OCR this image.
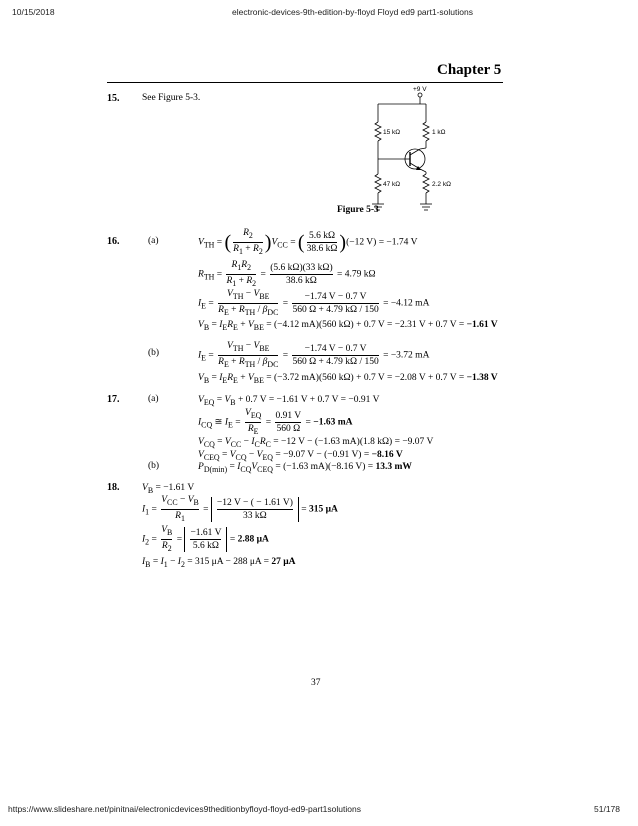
10/15/2018	electronic-devices-9th-edition-by-floyd Floyd ed9 part1-solutions
Chapter 5
15. See Figure 5-3.
+9 V
15 kΩ	1 kΩ
47 kΩ	2.2 kΩ
Figure 5-3
16.	(a)	$V_{TH}$ = ( $\frac{R_2}{R_1 + R_2} )V_{CC}$ = ( $\frac{5.6 k\Omega}{38.6 k\Omega} )(-12$ V) = −1.74 V
$R_{TH} = \frac{R_1R_2}{R_1 + R_2} = \frac{(5.6 k\Omega)(33 k\Omega)}{38.6 k\Omega} = 4.79$ kΩ
$I_E = \frac{V_{TH} - V_{BE}}{R_E + R_{TH} / \beta_{DC}} = \frac{-1.74 V - 0.7 V}{560 \Omega + 4.79 k\Omega / 150} = -4.12$ mA
$V_B = I_ER_E + V_{BE} = (-4.12$ mA)(560 kΩ) + 0.7 V = −2.31 V + 0.7 V = −1.61 V
(b)	$I_E = \frac{V_{TH} - V_{BE}}{R_E + R_{TH} / \beta_{DC}} = \frac{-1.74 V - 0.7 V}{560 \Omega + 4.79 k\Omega / 150} = -3.72$ mA
$V_B = I_ER_E + V_{BE} = (-3.72$ mA)(560 kΩ) + 0.7 V = −2.08 V + 0.7 V = −1.38 V
17.	(a)	$V_{EQ} = V_B + 0.7$ V = −1.61 V + 0.7 V = −0.91 V
$I_{CQ}$ ≅ $I_E = \frac{V_{EQ}}{R_E} = \frac{0.91 V}{560 \Omega} = -1.63$ mA
$V_{CQ} = V_{CC} - I_CR_C = -12$ V − (−1.63 mA)(1.8 kΩ) = −9.07 V
$V_{CEQ} = V_{CQ} - V_{EQ} = -9.07$ V − (−0.91 V) = −8.16 V
(b)	$P_{D(min)} = I_{CQ}V_{CEQ} = (-1.63$ mA)(−8.16 V) = 13.3 mW
18. $V_B = -1.61$ V
$I_1 = \frac{V_{CC} - V_B}{R_1} = \frac{-12 V - ( - 1.61 V)}{33 k\Omega} = 315$ μA
$I_2 = \frac{V_B}{R_2} = \frac{-1.61 V}{5.6 k\Omega} = 2.88$ μA
$I_B = I_1 - I_2 = 315$ μA − 288 μA = 27 μA
37
https://www.slideshare.net/pinitnai/electronicdevices9theditionbyfloyd-floyd-ed9-part1solutions	51/178
